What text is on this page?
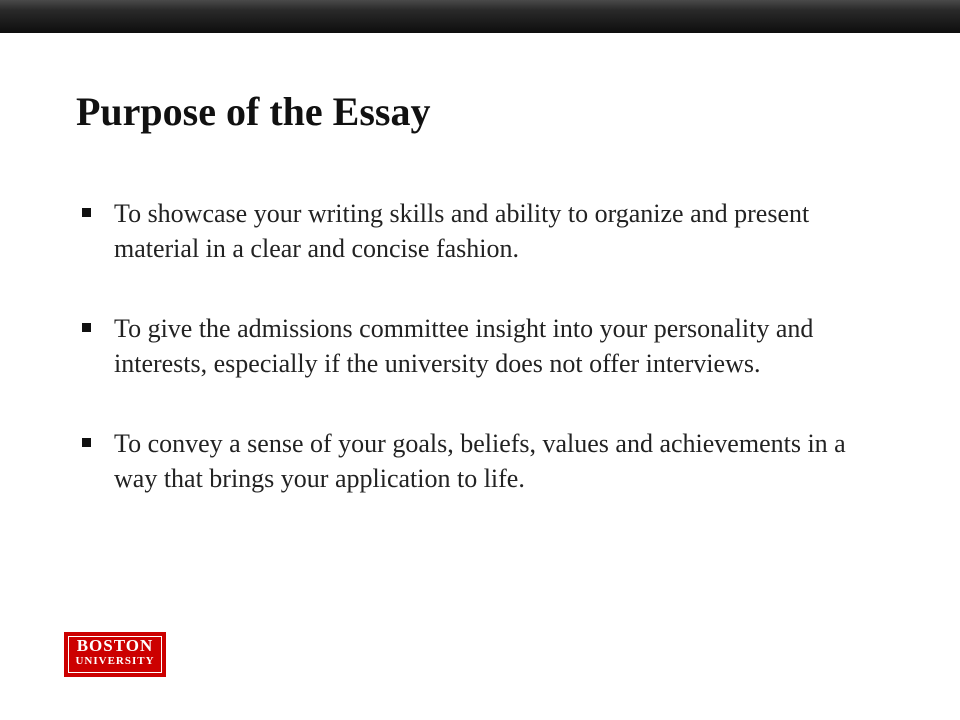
Purpose of the Essay
To showcase your writing skills and ability to organize and present material in a clear and concise fashion.
To give the admissions committee insight into your personality and interests, especially if the university does not offer interviews.
To convey a sense of your goals, beliefs, values and achievements in a way that brings your application to life.
BOSTON
UNIVERSITY
